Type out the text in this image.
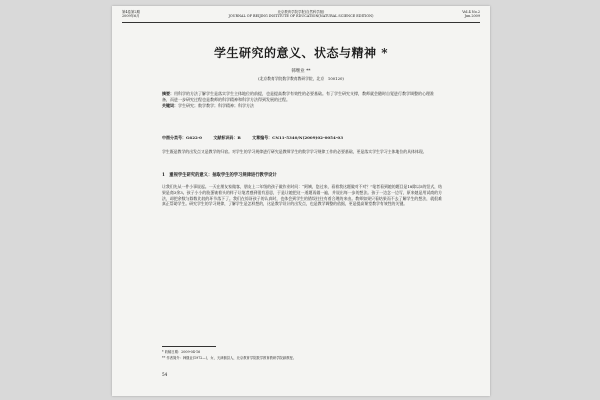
第4卷第2期
2009年6月
北京教育学院学报(自然科学版)
JOURNAL OF BEIJING INSTITUTE OF EDUCATION(NATURAL SCIENCE EDITION)
Vol.4 No.2
Jun.2009
学生研究的意义、状态与精神 *
韩继业 **
(北京教育学院数学教育教研学院，北京　100120)
摘要：用科学的方法了解学生是落实学生主体地位的前提，也是提高教学有效性的必要基础。有了学生研究支撑，教师就会随时自觉进行教学调整的心理准备，而进一步研究过程也是教师的科学精神和科学方法得到发展的过程。
关键词：学生研究；数学教学；科学精神；科学方法
中图分类号：G622·0	文献标识码：B	文章编号：CN11-5340/N(2009)02-0054-03
学生既是教学的出发点又是教学的归宿。对学生的学习规律进行研究是教师学生的数学学习规律工作的必要基础，更是落实学生学习主体地位的具体体现。
1　重视学生研究的意义：抽取学生的学习规律进行教学设计
让我们先从一件小事说起。一天在朋友家做客，朋友上二年级的孩子做作业时问：“阿姨，您过来，看着我这题做对不对？”笔者看到她的题目是18除以5的竖式，结果是商3余3。孩子小小的脸蛋皱着头的样子让笔者感到很有意思，于是让她把这一道题再做一遍，并说出每一步的想法。孩子一边念一边写，原来她是用试商的方法，却把余数与除数比较的环节落下了。我们在惊讶孩子的认真时，也体会到学生的错误往往有着合理的来由。教师如果只看结果而不去了解学生的想法，就很难真正帮助学生。研究学生的学习规律，了解学生是怎样想的，这是教学设计的出发点，也是教学调整的依据，更是提高课堂教学有效性的关键。
* 收稿日期：2009-04-16
** 作者简介：韩继业(1972—)，女，天津蓟县人，北京教育学院数学教育教研学院副教授。
54
